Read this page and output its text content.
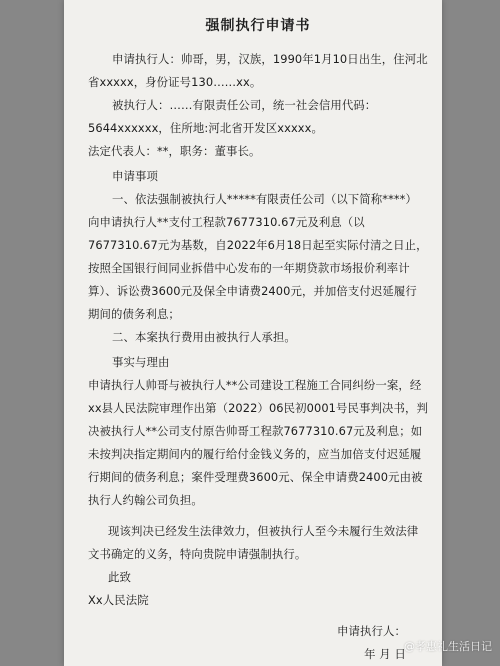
强制执行申请书

申请执行人：帅哥，男，汉族，1990年1月10日出生，住河北省xxxxx，身份证号130……xx。

被执行人：……有限责任公司，统一社会信用代码：5644xxxxxx，住所地:河北省开发区xxxxx。

法定代表人：**，职务：董事长。

申请事项

一、依法强制被执行人*****有限责任公司（以下简称****）向申请执行人**支付工程款7677310.67元及利息（以7677310.67元为基数，自2022年6月18日起至实际付清之日止，按照全国银行间同业拆借中心发布的一年期贷款市场报价利率计算）、诉讼费3600元及保全申请费2400元，并加倍支付迟延履行期间的债务利息；

二、本案执行费用由被执行人承担。

事实与理由

申请执行人帅哥与被执行人**公司建设工程施工合同纠纷一案，经xx县人民法院审理作出第（2022）06民初0001号民事判决书，判决被执行人**公司支付原告帅哥工程款7677310.67元及利息；如未按判决指定期间内的履行给付金钱义务的，应当加倍支付迟延履行期间的债务利息；案件受理费3600元、保全申请费2400元由被执行人约翰公司负担。

现该判决已经发生法律效力，但被执行人至今未履行生效法律文书确定的义务，特向贵院申请强制执行。

此致

Xx人民法院

申请执行人：

年 月 日

@孝惠礼生活日记
